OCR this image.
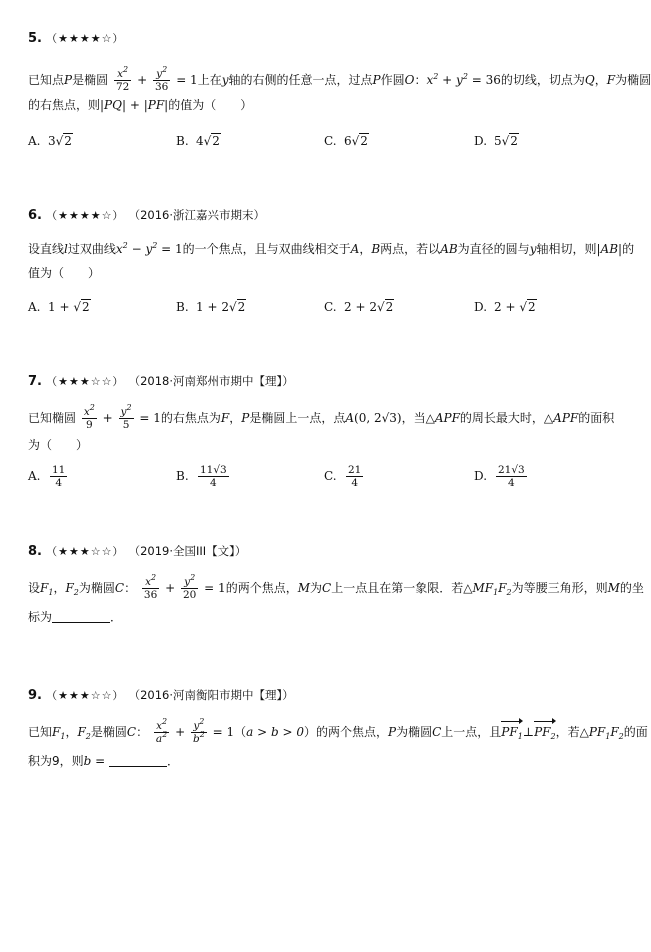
5. （★★★★☆）
已知点P是椭圆 $\frac{x^2}{72} + \frac{y^2}{36} = 1$上在y轴的右侧的任意一点，过点P作圆O：$x^2 + y^2 = 36$的切线，切点为Q，F为椭圆
的右焦点，则|PQ| + |PF|的值为（　　）
A. 3√2	B. 4√2	C. 6√2	D. 5√2
6. （★★★★☆） （2016·浙江嘉兴市期末）
设直线l过双曲线$x^2 - y^2 = 1$的一个焦点，且与双曲线相交于A，B两点，若以AB为直径的圆与y轴相切，则|AB|的
值为（　　）
A. 1 + √2	B. 1 + 2√2	C. 2 + 2√2	D. 2 + √2
7. （★★★☆☆） （2018·河南郑州市期中【理】）
已知椭圆 $\frac{x^2}{9} + \frac{y^2}{5} = 1$的右焦点为F，P是椭圆上一点，点A(0, 2√3)，当△APF的周长最大时，△APF的面积
为（　　）
A. $\frac{11}{4}$	B. $\frac{11√3}{4}$	C. $\frac{21}{4}$	D. $\frac{21√3}{4}$
8. （★★★☆☆） （2019·全国III【文】）
设$F_1$，$F_2$为椭圆C： $\frac{x^2}{36} + \frac{y^2}{20} = 1$的两个焦点，M为C上一点且在第一象限．若$\triangle MF_1F_2$为等腰三角形，则M的坐
标为	．
9. （★★★☆☆） （2016·河南衡阳市期中【理】）
已知$F_1$，$F_2$是椭圆C： $\frac{x^2}{a^2} + \frac{y^2}{b^2} = 1(a > b > 0)$的两个焦点，P为椭圆C上一点，且$PF_1\perp PF_2$，若$\triangle PF_1F_2$的面
积为9，则b =	．
